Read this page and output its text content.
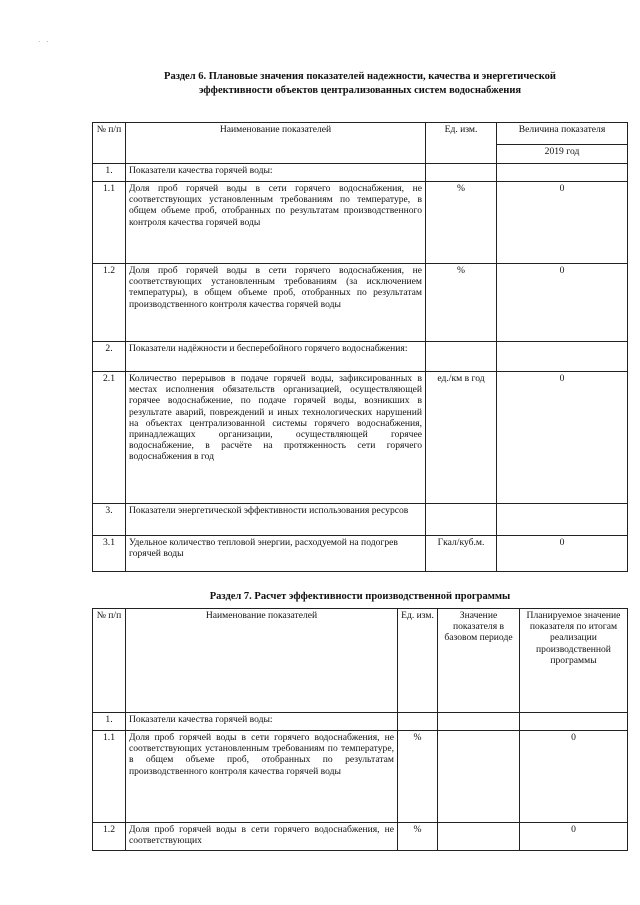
· ·
Раздел 6. Плановые значения показателей надежности, качества и энергетической
эффективности объектов централизованных систем водоснабжения
№ п/п	Наименование показателей	Ед. изм.	Величина показателя
			2019 год
1.	Показатели качества горячей воды:		
1.1	Доля проб горячей воды в сети горячего водоснабжения, не соответствующих установленным требованиям по температуре, в общем объеме проб, отобранных по результатам производственного контроля качества горячей воды	%	0
1.2	Доля проб горячей воды в сети горячего водоснабжения, не соответствующих установленным требованиям (за исключением температуры), в общем объеме проб, отобранных по результатам производственного контроля качества горячей воды	%	0
2.	Показатели надёжности и бесперебойного горячего водоснабжения:		
2.1	Количество перерывов в подаче горячей воды, зафиксированных в местах исполнения обязательств организацией, осуществляющей горячее водоснабжение, по подаче горячей воды, возникших в результате аварий, повреждений и иных технологических нарушений на объектах централизованной системы горячего водоснабжения, принадлежащих организации, осуществляющей горячее водоснабжение, в расчёте на протяженность сети горячего водоснабжения в год	ед./км в год	0
3.	Показатели энергетической эффективности использования ресурсов		
3.1	Удельное количество тепловой энергии, расходуемой на подогрев горячей воды	Гкал/куб.м.	0
Раздел 7. Расчет эффективности производственной программы
№ п/п	Наименование показателей	Ед. изм.	Значение показателя в базовом периоде	Планируемое значение показателя по итогам реализации производственной программы
1.	Показатели качества горячей воды:			
1.1	Доля проб горячей воды в сети горячего водоснабжения, не соответствующих установленным требованиям по температуре, в общем объеме проб, отобранных по результатам производственного контроля качества горячей воды	%		0
1.2	Доля проб горячей воды в сети горячего водоснабжения, не соответствующих	%		0
